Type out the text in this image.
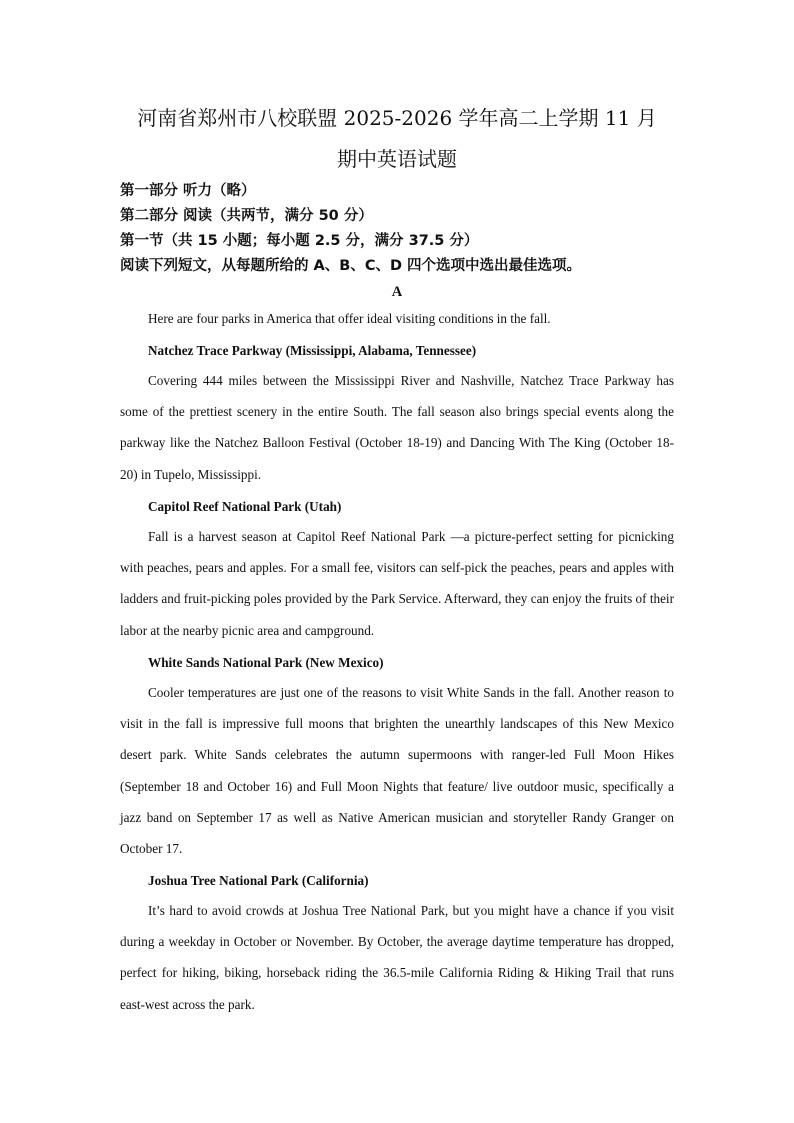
河南省郑州市八校联盟 2025-2026 学年高二上学期 11 月
期中英语试题

第一部分 听力（略）

第二部分 阅读（共两节，满分 50 分）

第一节（共 15 小题；每小题 2.5 分，满分 37.5 分）

阅读下列短文，从每题所给的 A、B、C、D 四个选项中选出最佳选项。

A

Here are four parks in America that offer ideal visiting conditions in the fall.

Natchez Trace Parkway (Mississippi, Alabama, Tennessee)

Covering 444 miles between the Mississippi River and Nashville, Natchez Trace Parkway has some of the prettiest scenery in the entire South. The fall season also brings special events along the parkway like the Natchez Balloon Festival (October 18-19) and Dancing With The King (October 18-20) in Tupelo, Mississippi.

Capitol Reef National Park (Utah)

Fall is a harvest season at Capitol Reef National Park —a picture-perfect setting for picnicking with peaches, pears and apples. For a small fee, visitors can self-pick the peaches, pears and apples with ladders and fruit-picking poles provided by the Park Service. Afterward, they can enjoy the fruits of their labor at the nearby picnic area and campground.

White Sands National Park (New Mexico)

Cooler temperatures are just one of the reasons to visit White Sands in the fall. Another reason to visit in the fall is impressive full moons that brighten the unearthly landscapes of this New Mexico desert park. White Sands celebrates the autumn supermoons with ranger-led Full Moon Hikes (September 18 and October 16) and Full Moon Nights that feature/ live outdoor music, specifically a jazz band on September 17 as well as Native American musician and storyteller Randy Granger on October 17.

Joshua Tree National Park (California)

It’s hard to avoid crowds at Joshua Tree National Park, but you might have a chance if you visit during a weekday in October or November. By October, the average daytime temperature has dropped, perfect for hiking, biking, horseback riding the 36.5-mile California Riding & Hiking Trail that runs east-west across the park.
